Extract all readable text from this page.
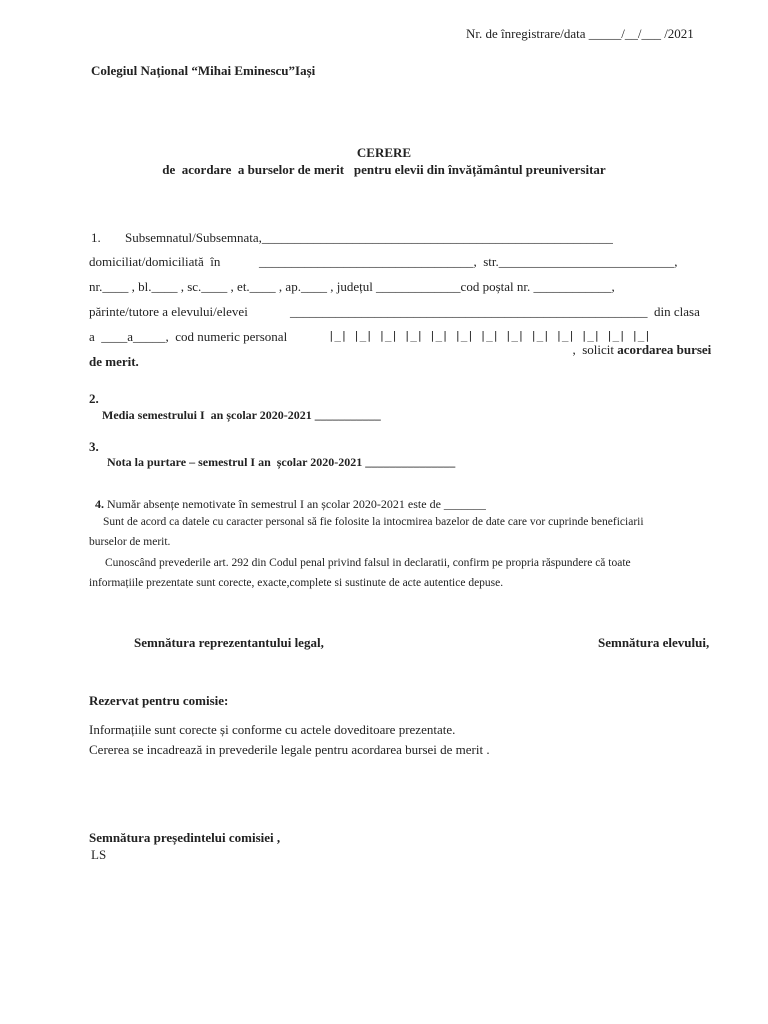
Nr. de înregistrare/data _____/__/___ /2021
Colegiul Național “Mihai Eminescu”Iași
CERERE
de  acordare  a burselor de merit   pentru elevii din învățământul preuniversitar
1. Subsemnatul/Subsemnata,______________________________________________________
domiciliat/domiciliată  în	_________________________________,  str.___________________________,
nr.____ , bl.____ , sc.____ , et.____ , ap.____ , județul _____________cod poștal nr. ____________,
părinte/tutore a elevului/elevei	_______________________________________________________  din clasa
a  ____a_____,  cod numeric personal	|_| |_| |_| |_| |_| |_| |_| |_| |_| |_| |_| |_| |_|

,  solicit acordarea bursei

de merit.
2.
Media semestrului I  an școlar 2020-2021 ___________
3.
Nota la purtare – semestrul I an  școlar 2020-2021 _______________

4. Număr absențe nemotivate în semestrul I an școlar 2020-2021 este de _______

Sunt de acord ca datele cu caracter personal să fie folosite la intocmirea bazelor de date care vor cuprinde beneficiarii
burselor de merit.
Cunoscând prevederile art. 292 din Codul penal privind falsul in declaratii, confirm pe propria răspundere că toate
informațiile prezentate sunt corecte, exacte,complete si sustinute de acte autentice depuse.
Semnătura reprezentantului legal,	Semnătura elevului,
Rezervat pentru comisie:
Informațiile sunt corecte și conforme cu actele doveditoare prezentate.
Cererea se incadrează in prevederile legale pentru acordarea bursei de merit .
Semnătura președintelui comisiei ,
LS
